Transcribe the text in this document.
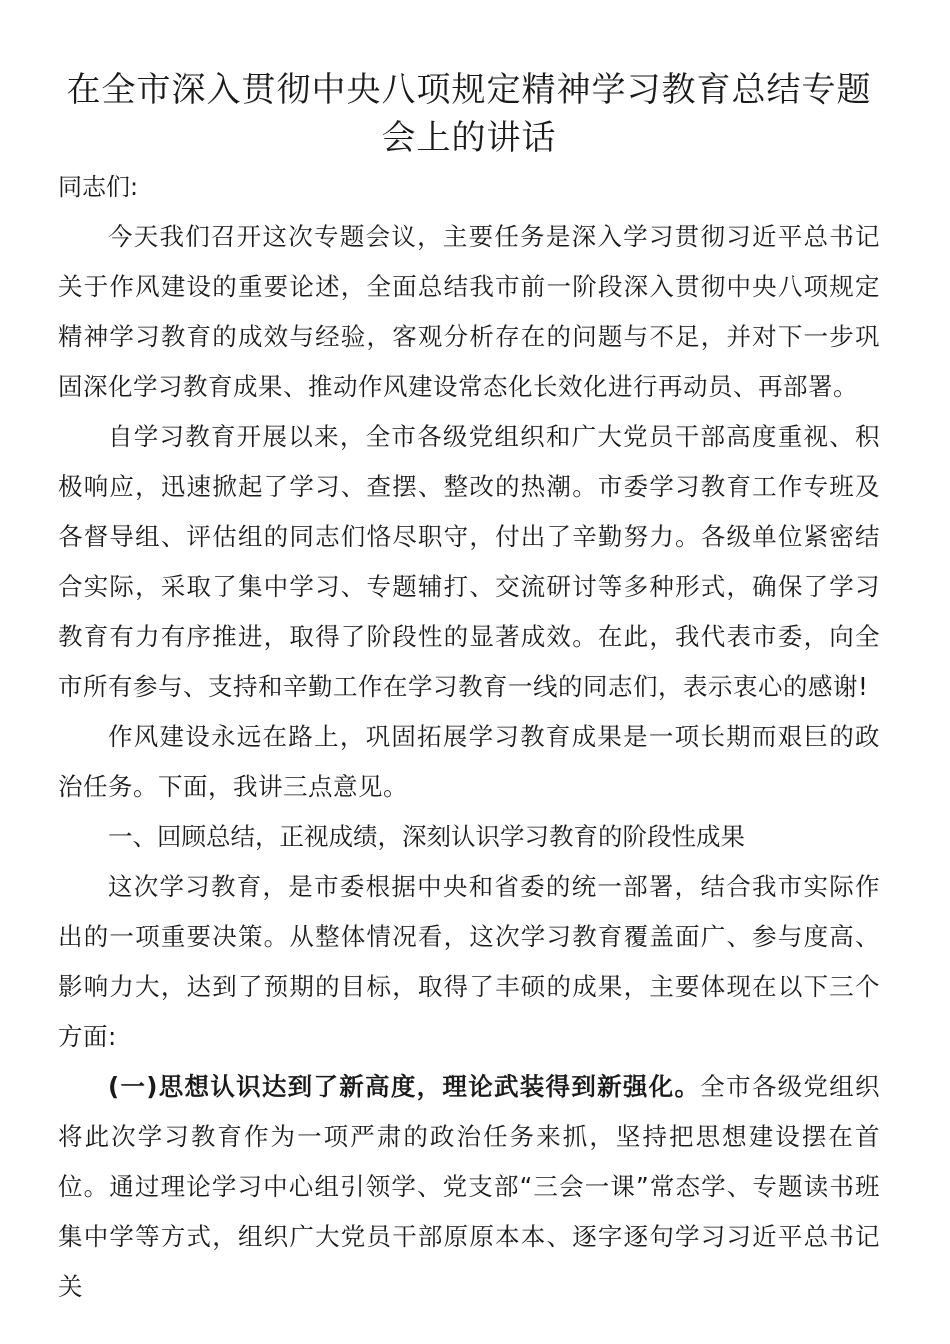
在全市深入贯彻中央八项规定精神学习教育总结专题会上的讲话

同志们:

今天我们召开这次专题会议，主要任务是深入学习贯彻习近平总书记关于作风建设的重要论述，全面总结我市前一阶段深入贯彻中央八项规定精神学习教育的成效与经验，客观分析存在的问题与不足，并对下一步巩固深化学习教育成果、推动作风建设常态化长效化进行再动员、再部署。

自学习教育开展以来，全市各级党组织和广大党员干部高度重视、积极响应，迅速掀起了学习、查摆、整改的热潮。市委学习教育工作专班及各督导组、评估组的同志们恪尽职守，付出了辛勤努力。各级单位紧密结合实际，采取了集中学习、专题辅打、交流研讨等多种形式，确保了学习教育有力有序推进，取得了阶段性的显著成效。在此，我代表市委，向全市所有参与、支持和辛勤工作在学习教育一线的同志们，表示衷心的感谢!

作风建设永远在路上，巩固拓展学习教育成果是一项长期而艰巨的政治任务。下面，我讲三点意见。

一、回顾总结，正视成绩，深刻认识学习教育的阶段性成果

这次学习教育，是市委根据中央和省委的统一部署，结合我市实际作出的一项重要决策。从整体情况看，这次学习教育覆盖面广、参与度高、影响力大，达到了预期的目标，取得了丰硕的成果，主要体现在以下三个方面:

(一)思想认识达到了新高度，理论武装得到新强化。全市各级党组织将此次学习教育作为一项严肃的政治任务来抓，坚持把思想建设摆在首位。通过理论学习中心组引领学、党支部“三会一课”常态学、专题读书班集中学等方式，组织广大党员干部原原本本、逐字逐句学习习近平总书记关
